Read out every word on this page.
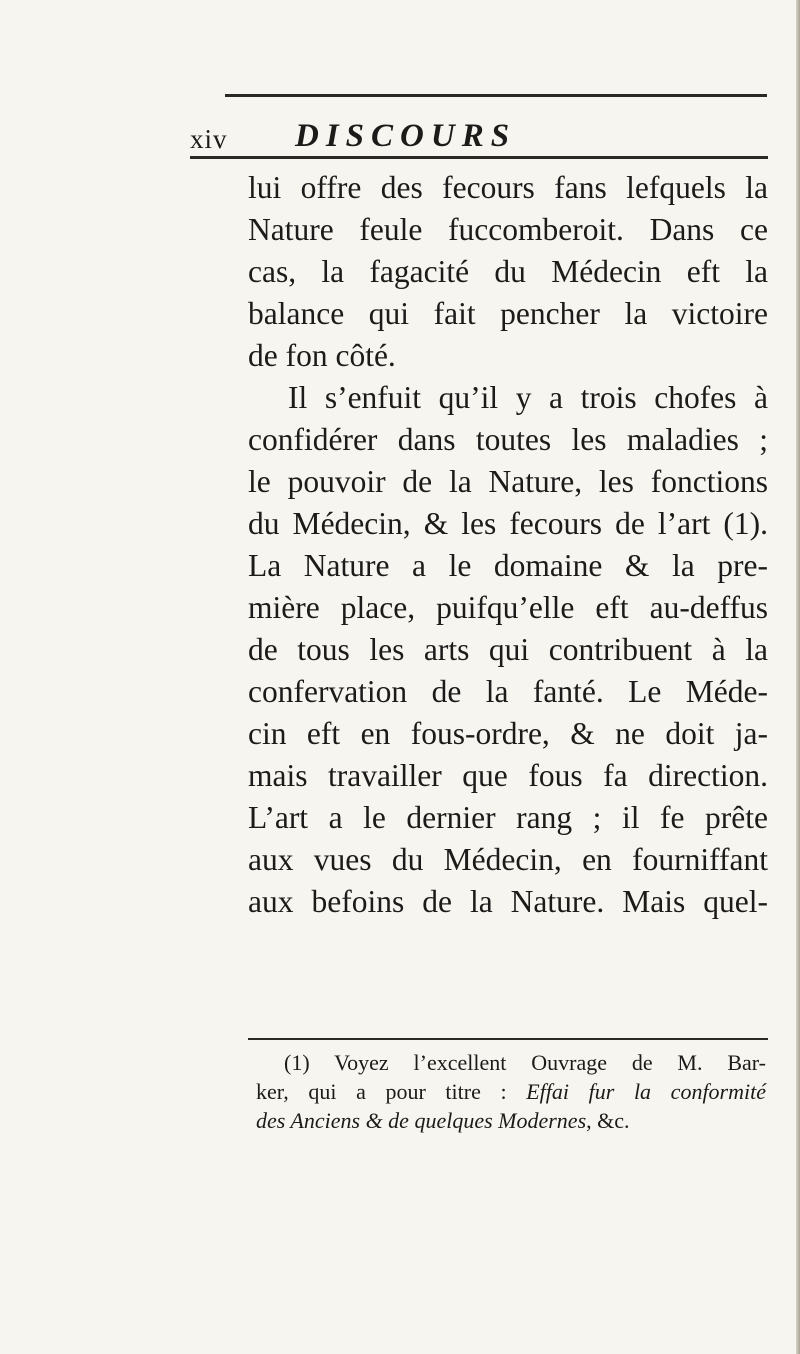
xiv DISCOURS
lui offre des fecours fans lefquels la
Nature feule fuccomberoit. Dans ce
cas, la fagacité du Médecin eft la
balance qui fait pencher la victoire
de fon côté.
Il s’enfuit qu’il y a trois chofes à
confidérer dans toutes les maladies ;
le pouvoir de la Nature, les fonctions
du Médecin, & les fecours de l’art (1).
La Nature a le domaine & la pre-
mière place, puifqu’elle eft au-deffus
de tous les arts qui contribuent à la
confervation de la fanté. Le Méde-
cin eft en fous-ordre, & ne doit ja-
mais travailler que fous fa direction.
L’art a le dernier rang ; il fe prête
aux vues du Médecin, en fourniffant
aux befoins de la Nature. Mais quel-
(1) Voyez l’excellent Ouvrage de M. Bar-
ker, qui a pour titre : Effai fur la conformité
des Anciens & de quelques Modernes, &c.
